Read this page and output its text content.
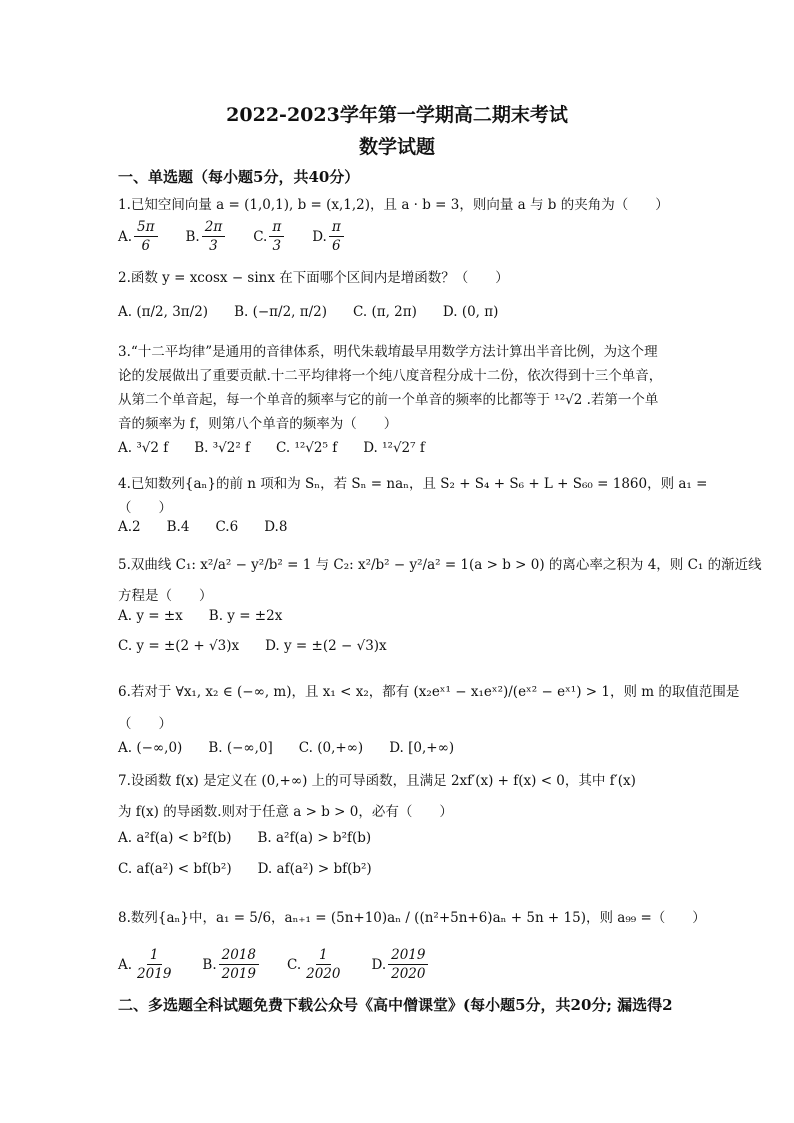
2022-2023学年第一学期高二期末考试
数学试题
一、单选题（每小题5分，共40分）
1.已知空间向量 a = (1,0,1), b = (x,1,2)，且 a · b = 3，则向量 a 与 b 的夹角为（　　）
A. $\frac{5\pi}{6} B$. $\frac{2\pi}{3} C$. $\frac{\pi}{3} D$. $\frac{\pi}{6}$
2.函数 y = xcosx − sinx 在下面哪个区间内是增函数？（　　）
A. (π/2, 3π/2) B. (−π/2, π/2) C. (π, 2π) D. (0, π)
3.“十二平均律”是通用的音律体系，明代朱载堉最早用数学方法计算出半音比例，为这个理
论的发展做出了重要贡献.十二平均律将一个纯八度音程分成十二份，依次得到十三个单音，
从第二个单音起，每一个单音的频率与它的前一个单音的频率的比都等于 ¹²√2 .若第一个单
音的频率为 f，则第八个单音的频率为（　　）
A. ³√2 f B. ³√2² f C. ¹²√2⁵ f D. ¹²√2⁷ f
4.已知数列{aₙ}的前 n 项和为 Sₙ，若 Sₙ = naₙ，且 S₂ + S₄ + S₆ + L + S₆₀ = 1860，则 a₁ =
（　　）
A.2 B.4 C.6 D.8
5.双曲线 C₁: x²/a² − y²/b² = 1 与 C₂: x²/b² − y²/a² = 1(a > b > 0) 的离心率之积为 4，则 C₁ 的渐近线
方程是（　　）
A. y = ±x B. y = ±2x
C. y = ±(2 + √3)x D. y = ±(2 − √3)x
6.若对于 ∀x₁, x₂ ∈ (−∞, m)，且 x₁ < x₂，都有 (x₂eˣ¹ − x₁eˣ²)/(eˣ² − eˣ¹) > 1，则 m 的取值范围是
（　　）
A. (−∞,0) B. (−∞,0] C. (0,+∞) D. [0,+∞)
7.设函数 f(x) 是定义在 (0,+∞) 上的可导函数，且满足 2xf′(x) + f(x) < 0，其中 f′(x)
为 f(x) 的导函数.则对于任意 a > b > 0，必有（　　）
A. a²f(a) < b²f(b) B. a²f(a) > b²f(b)
C. af(a²) < bf(b²) D. af(a²) > bf(b²)
8.数列{aₙ}中，a₁ = 5/6，aₙ₊₁ = (5n+10)aₙ / ((n²+5n+6)aₙ + 5n + 15)，则 a₉₉ =（　　）
A. $\frac{1}{2019} B$. $\frac{2018}{2019} C$. $\frac{1}{2020} D$. $\frac{2019}{2020}$
二、多选题全科试题免费下载公众号《高中僧课堂》(每小题5分，共20分; 漏选得2
